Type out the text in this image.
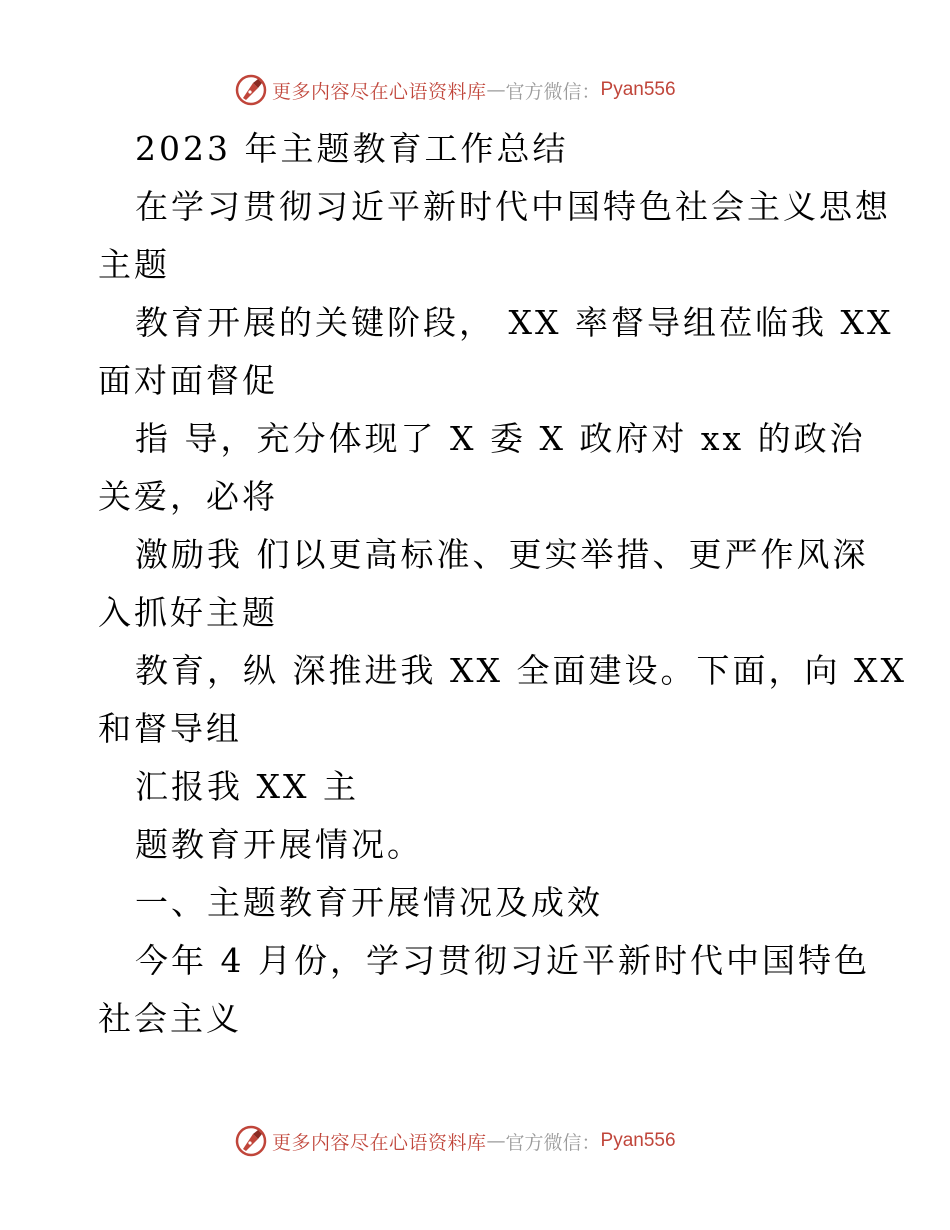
更多内容尽在心语资料库 — 官方微信： Pyan556
2023 年主题教育工作总结
在学习贯彻习近平新时代中国特色社会主义思想
主题
教育开展的关键阶段， XX 率督导组莅临我 XX
面对面督促
指 导，充分体现了 X 委 X 政府对 xx 的政治
关爱，必将
激励我 们以更高标准、更实举措、更严作风深
入抓好主题
教育，纵 深推进我 XX 全面建设。下面，向 XX
和督导组
汇报我 XX 主
题教育开展情况。
一、主题教育开展情况及成效
今年 4 月份，学习贯彻习近平新时代中国特色
社会主义
更多内容尽在心语资料库 — 官方微信： Pyan556
